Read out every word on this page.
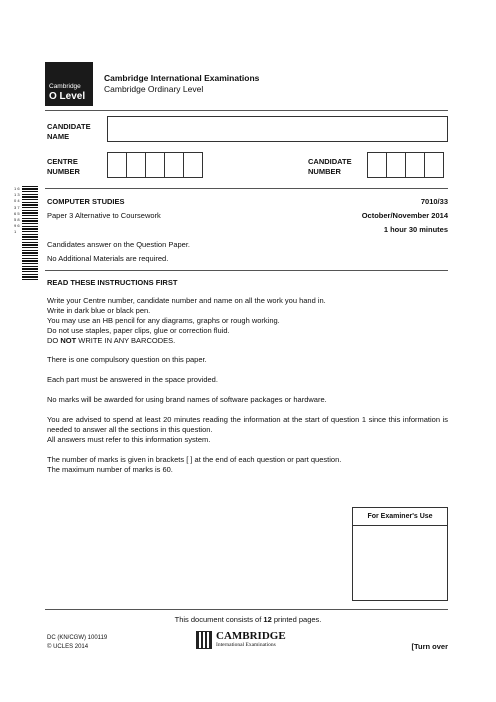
Cambridge
O Level
Cambridge International Examinations
Cambridge Ordinary Level
CANDIDATE
NAME
CENTRE
NUMBER
CANDIDATE
NUMBER
1 6 1 3 0 4 3 7 6 5 5 8 9 6 1
COMPUTER STUDIES	7010/33
Paper 3 Alternative to Coursework	October/November 2014
1 hour 30 minutes
Candidates answer on the Question Paper.
No Additional Materials are required.
READ THESE INSTRUCTIONS FIRST
Write your Centre number, candidate number and name on all the work you hand in.
Write in dark blue or black pen.
You may use an HB pencil for any diagrams, graphs or rough working.
Do not use staples, paper clips, glue or correction fluid.
DO NOT WRITE IN ANY BARCODES.
There is one compulsory question on this paper.
Each part must be answered in the space provided.
No marks will be awarded for using brand names of software packages or hardware.
You are advised to spend at least 20 minutes reading the information at the start of question 1 since this information is needed to answer all the sections in this question.
All answers must refer to this information system.
The number of marks is given in brackets [ ] at the end of each question or part question.
The maximum number of marks is 60.
For Examiner's Use
This document consists of 12 printed pages.
DC (KN/CGW) 100119
© UCLES 2014
CAMBRIDGE
International Examinations	[Turn over
